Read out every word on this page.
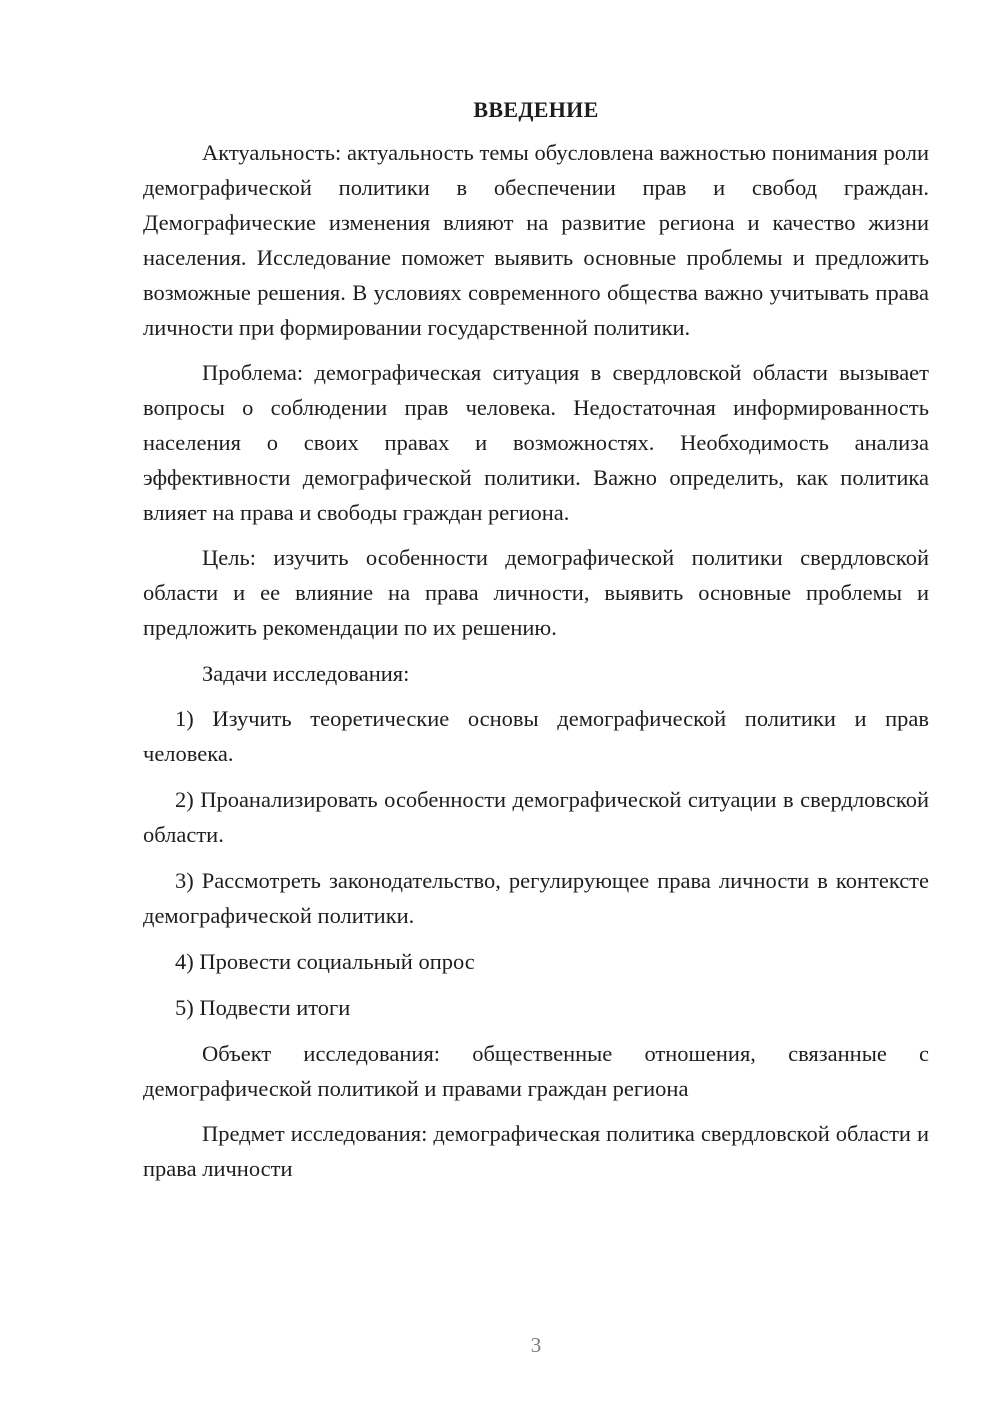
ВВЕДЕНИЕ

Актуальность: актуальность темы обусловлена важностью понимания роли демографической политики в обеспечении прав и свобод граждан. Демографические изменения влияют на развитие региона и качество жизни населения. Исследование поможет выявить основные проблемы и предложить возможные решения. В условиях современного общества важно учитывать права личности при формировании государственной политики.

Проблема: демографическая ситуация в свердловской области вызывает вопросы о соблюдении прав человека. Недостаточная информированность населения о своих правах и возможностях. Необходимость анализа эффективности демографической политики. Важно определить, как политика влияет на права и свободы граждан региона.

Цель: изучить особенности демографической политики свердловской области и ее влияние на права личности, выявить основные проблемы и предложить рекомендации по их решению.

Задачи исследования:

1) Изучить теоретические основы демографической политики и прав человека.

2) Проанализировать особенности демографической ситуации в свердловской области.

3) Рассмотреть законодательство, регулирующее права личности в контексте демографической политики.

4) Провести социальный опрос

5) Подвести итоги

Объект исследования: общественные отношения, связанные с демографической политикой и правами граждан региона

Предмет исследования: демографическая политика свердловской области и права личности

3
